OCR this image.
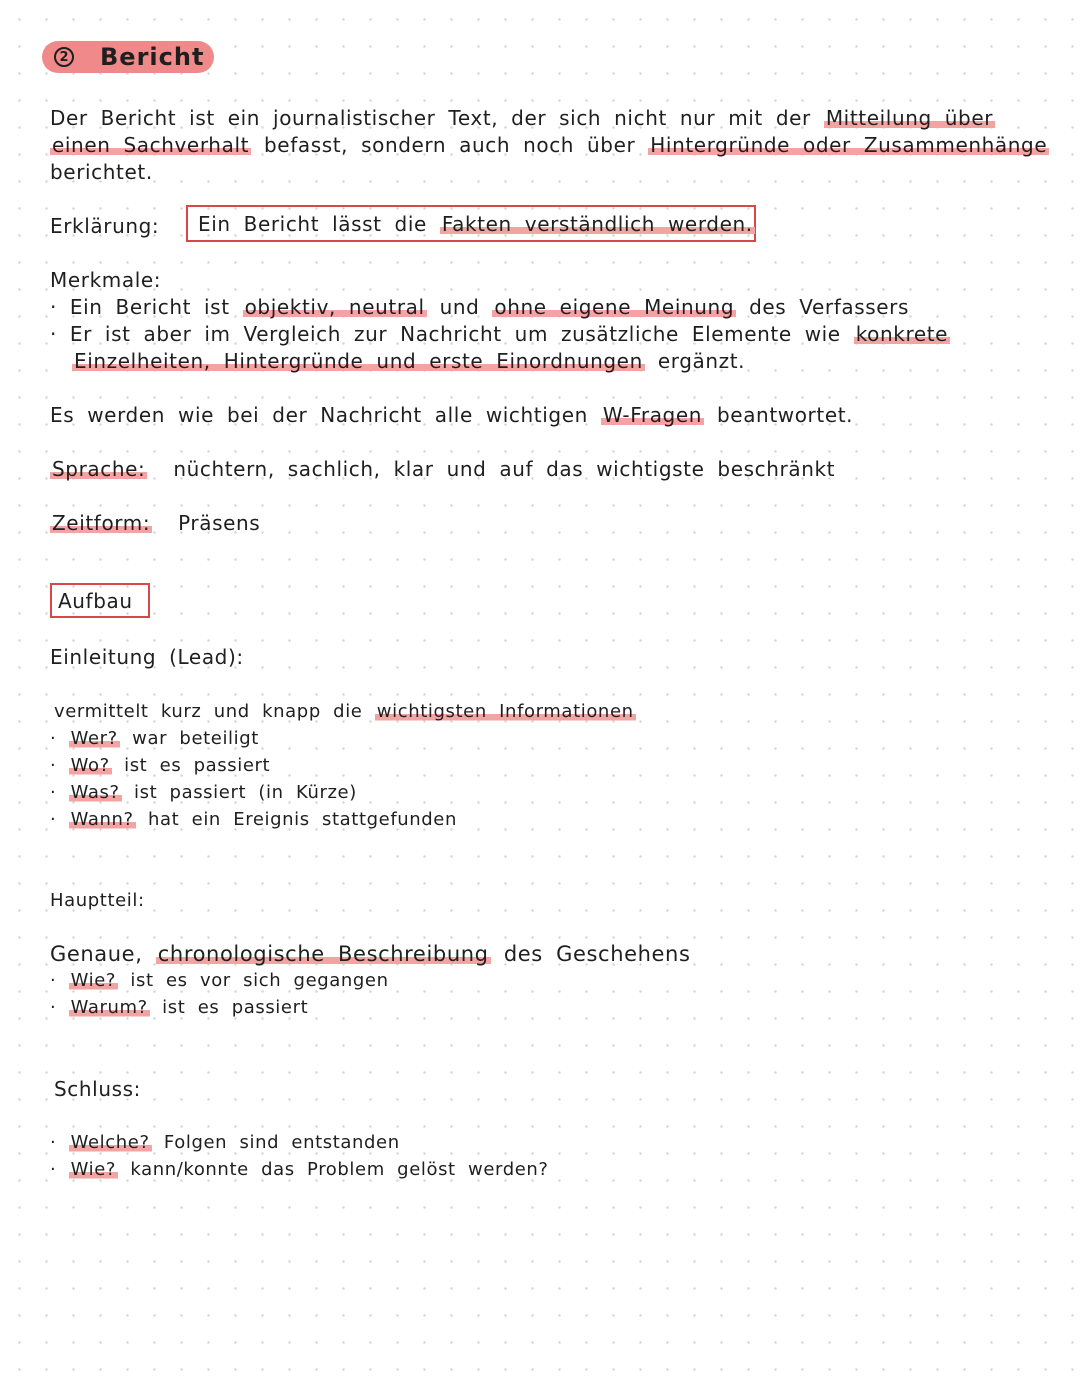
2 Bericht
Der Bericht ist ein journalistischer Text, der sich nicht nur mit der Mitteilung über
einen Sachverhalt befasst, sondern auch noch über Hintergründe oder Zusammenhänge
berichtet.
Erklärung:	Ein Bericht lässt die Fakten verständlich werden.
Merkmale:
· Ein Bericht ist objektiv, neutral und ohne eigene Meinung des Verfassers
· Er ist aber im Vergleich zur Nachricht um zusätzliche Elemente wie konkrete
Einzelheiten, Hintergründe und erste Einordnungen ergänzt.
Es werden wie bei der Nachricht alle wichtigen W-Fragen beantwortet.
Sprache: nüchtern, sachlich, klar und auf das wichtigste beschränkt
Zeitform: Präsens
Aufbau
Einleitung (Lead):
vermittelt kurz und knapp die wichtigsten Informationen
· Wer? war beteiligt
· Wo? ist es passiert
· Was? ist passiert (in Kürze)
· Wann? hat ein Ereignis stattgefunden
Hauptteil:
Genaue, chronologische Beschreibung des Geschehens
· Wie? ist es vor sich gegangen
· Warum? ist es passiert
Schluss:
· Welche? Folgen sind entstanden
· Wie? kann/konnte das Problem gelöst werden?
